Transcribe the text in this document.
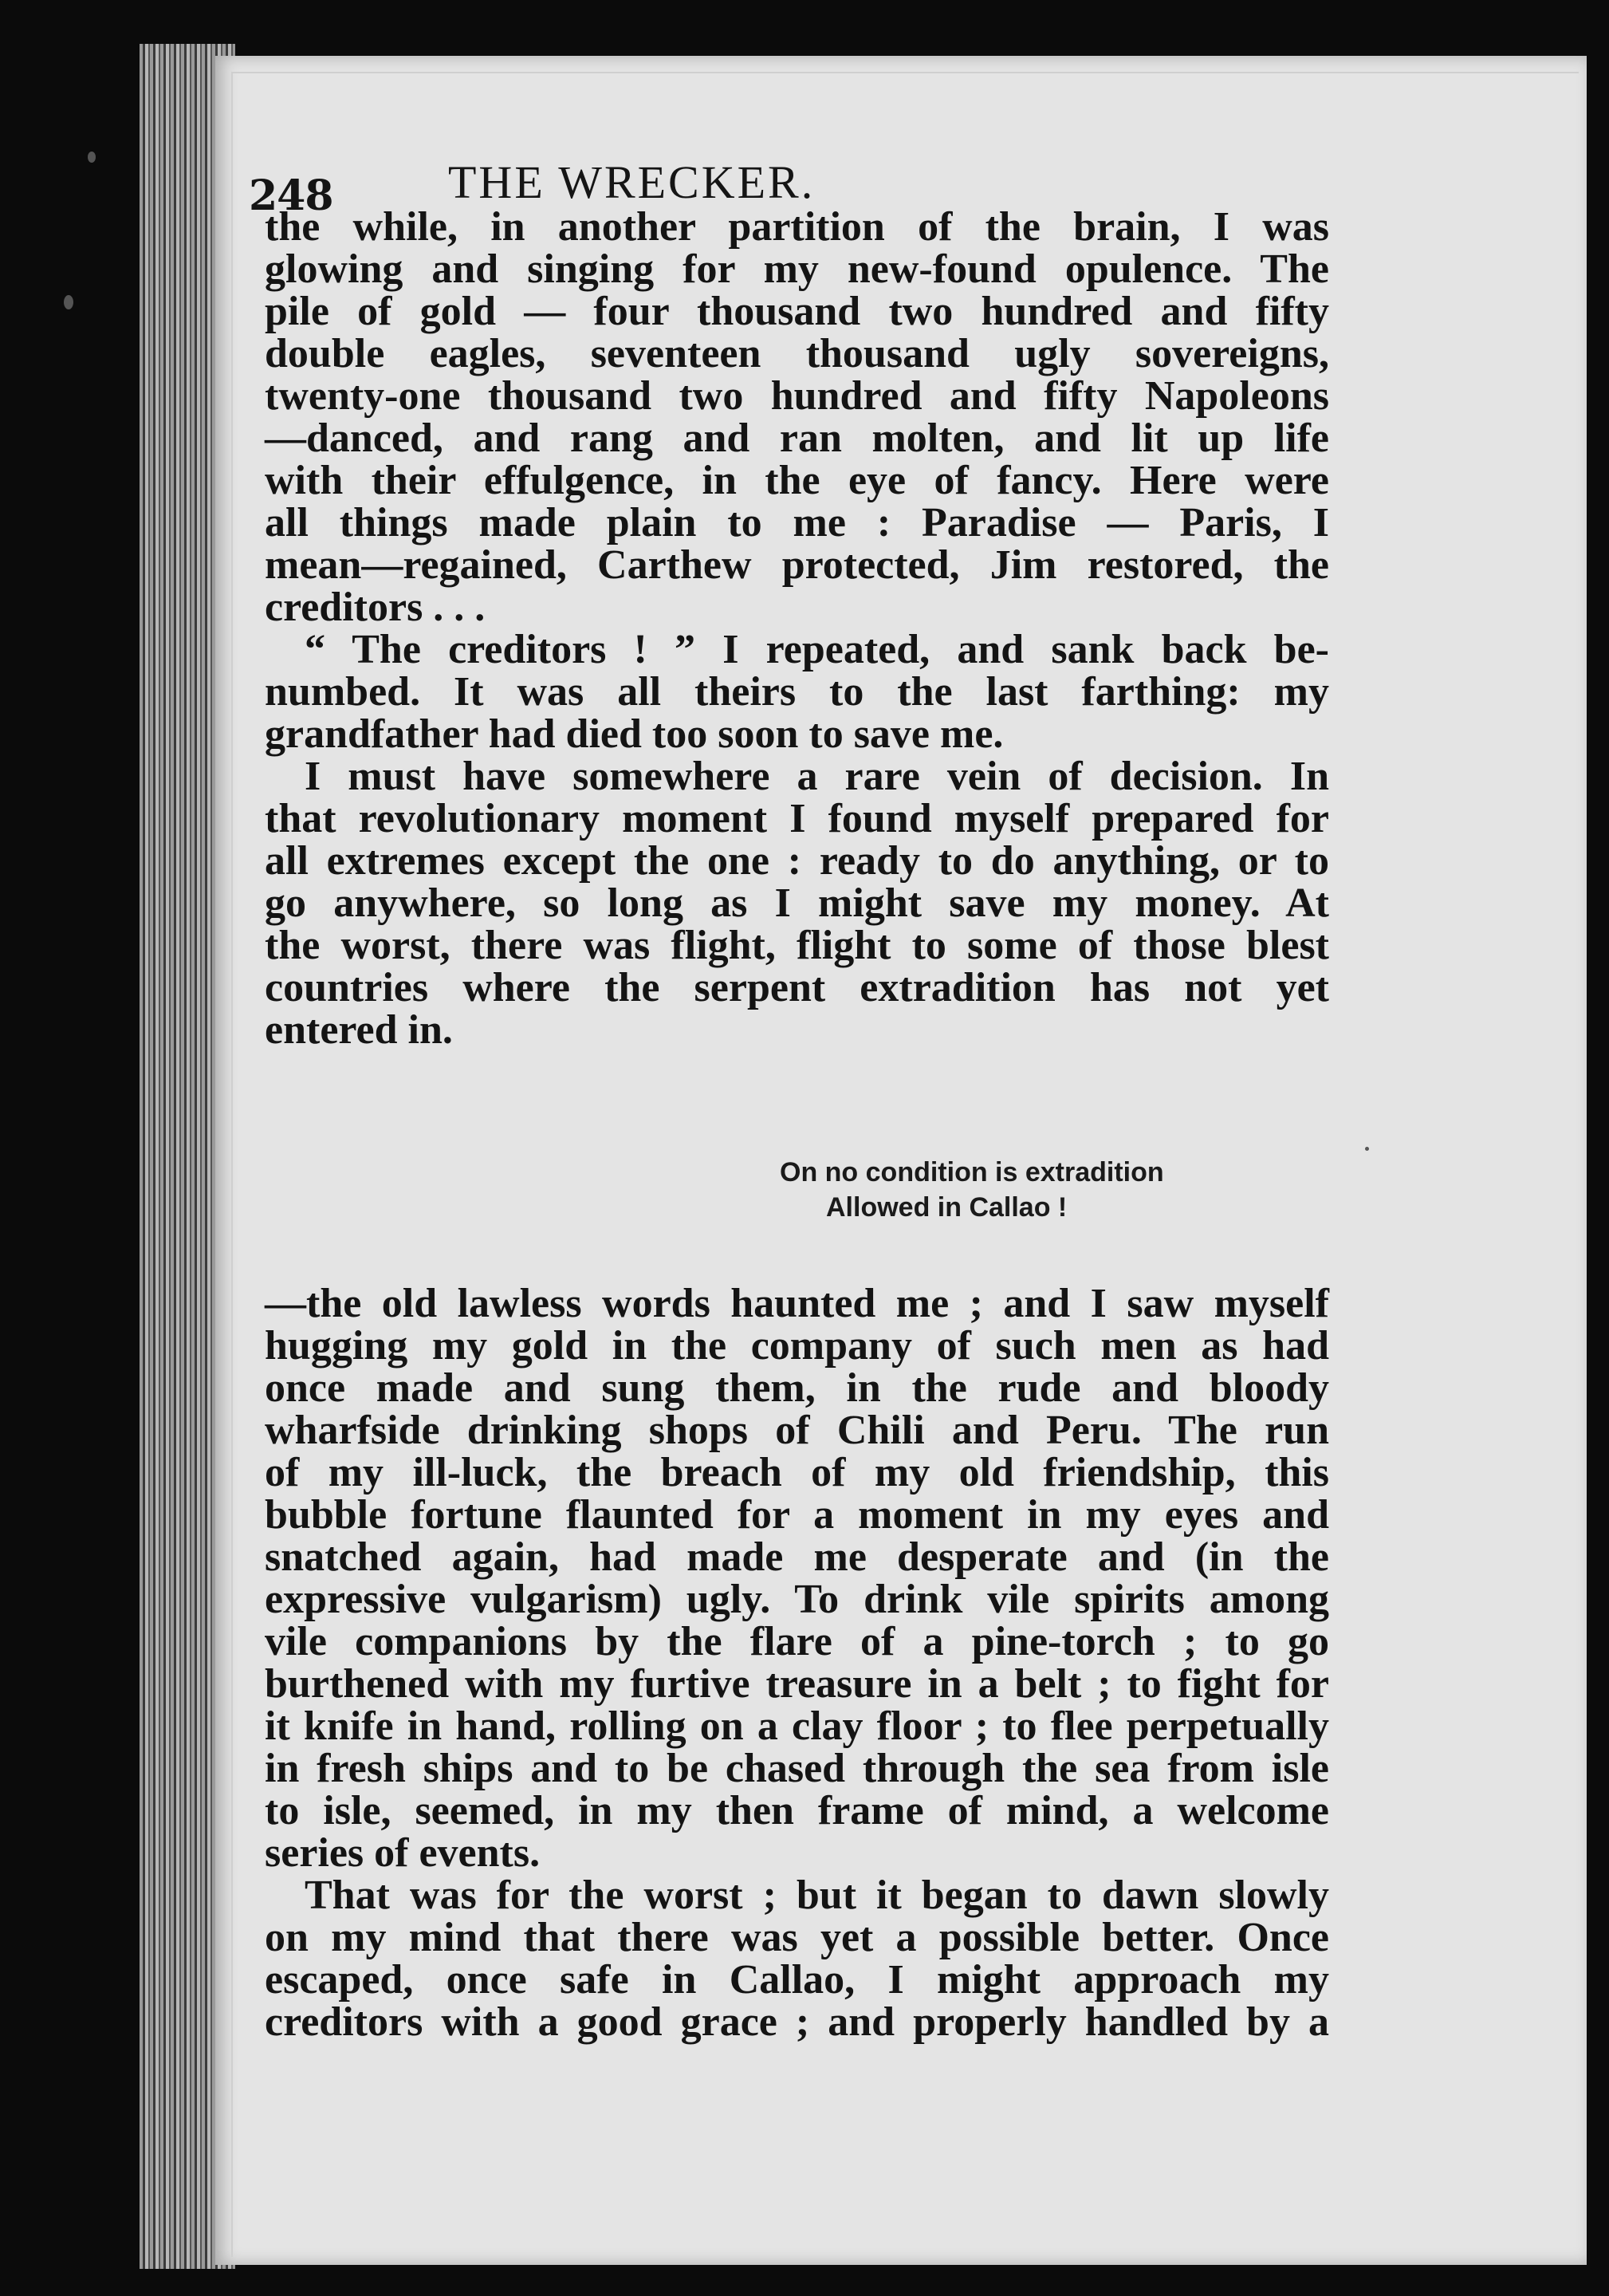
248 THE WRECKER.
the while, in another partition of the brain, I was
glowing and singing for my new-found opulence. The
pile of gold — four thousand two hundred and fifty
double eagles, seventeen thousand ugly sovereigns,
twenty-one thousand two hundred and fifty Napoleons
—danced, and rang and ran molten, and lit up life
with their effulgence, in the eye of fancy. Here were
all things made plain to me : Paradise — Paris, I
mean—regained, Carthew protected, Jim restored, the
creditors . . .
“ The creditors ! ” I repeated, and sank back be-
numbed. It was all theirs to the last farthing: my
grandfather had died too soon to save me.
I must have somewhere a rare vein of decision. In
that revolutionary moment I found myself prepared for
all extremes except the one : ready to do anything, or to
go anywhere, so long as I might save my money. At
the worst, there was flight, flight to some of those blest
countries where the serpent extradition has not yet
entered in.
On no condition is extradition
Allowed in Callao !
—the old lawless words haunted me ; and I saw myself
hugging my gold in the company of such men as had
once made and sung them, in the rude and bloody
wharfside drinking shops of Chili and Peru. The run
of my ill-luck, the breach of my old friendship, this
bubble fortune flaunted for a moment in my eyes and
snatched again, had made me desperate and (in the
expressive vulgarism) ugly. To drink vile spirits among
vile companions by the flare of a pine-torch ; to go
burthened with my furtive treasure in a belt ; to fight for
it knife in hand, rolling on a clay floor ; to flee perpetually
in fresh ships and to be chased through the sea from isle
to isle, seemed, in my then frame of mind, a welcome
series of events.
That was for the worst ; but it began to dawn slowly
on my mind that there was yet a possible better. Once
escaped, once safe in Callao, I might approach my
creditors with a good grace ; and properly handled by a
